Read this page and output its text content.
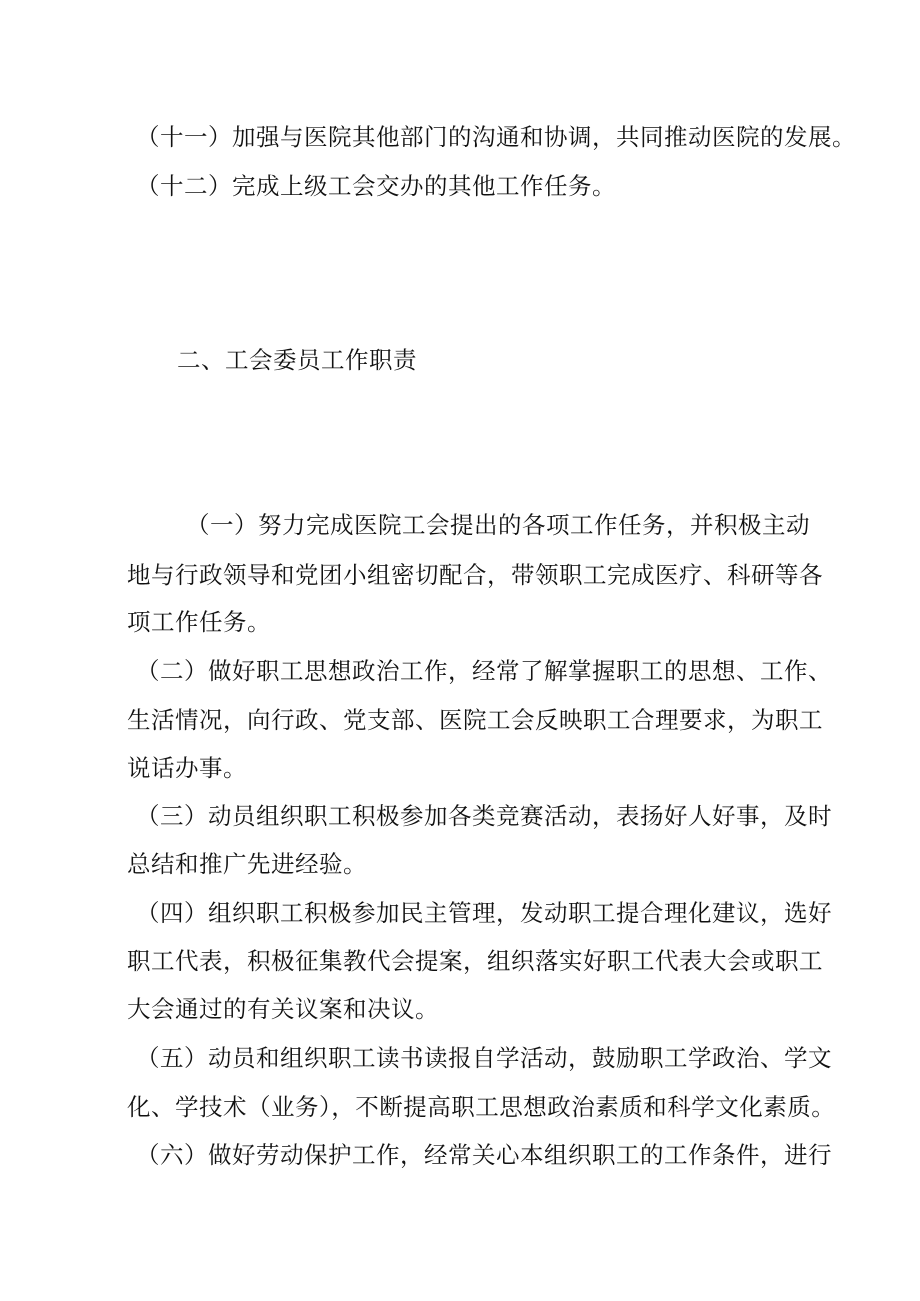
（十一）加强与医院其他部门的沟通和协调，共同推动医院的发展。
（十二）完成上级工会交办的其他工作任务。
二、工会委员工作职责
（一）努力完成医院工会提出的各项工作任务，并积极主动
地与行政领导和党团小组密切配合，带领职工完成医疗、科研等各
项工作任务。
（二）做好职工思想政治工作，经常了解掌握职工的思想、工作、
生活情况，向行政、党支部、医院工会反映职工合理要求，为职工
说话办事。
（三）动员组织职工积极参加各类竞赛活动，表扬好人好事，及时
总结和推广先进经验。
（四）组织职工积极参加民主管理，发动职工提合理化建议，选好
职工代表，积极征集教代会提案，组织落实好职工代表大会或职工
大会通过的有关议案和决议。
（五）动员和组织职工读书读报自学活动，鼓励职工学政治、学文
化、学技术（业务），不断提高职工思想政治素质和科学文化素质。
（六）做好劳动保护工作，经常关心本组织职工的工作条件，进行
